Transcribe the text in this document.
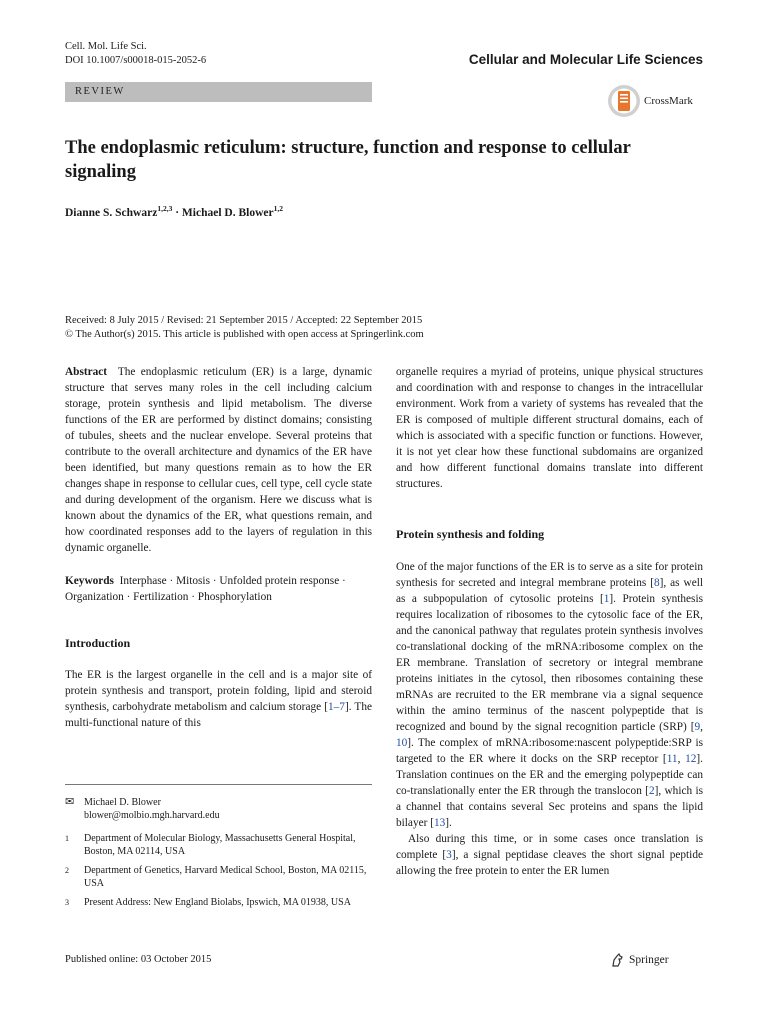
Cell. Mol. Life Sci.
DOI 10.1007/s00018-015-2052-6	Cellular and Molecular Life Sciences
REVIEW
CrossMark
The endoplasmic reticulum: structure, function and response to cellular signaling
Dianne S. Schwarz$^{1,2,3}$ · Michael D. Blower$^{1,2}$
Received: 8 July 2015 / Revised: 21 September 2015 / Accepted: 22 September 2015
© The Author(s) 2015. This article is published with open access at Springerlink.com

Abstract The endoplasmic reticulum (ER) is a large, dynamic structure that serves many roles in the cell including calcium storage, protein synthesis and lipid metabolism. The diverse functions of the ER are performed by distinct domains; consisting of tubules, sheets and the nuclear envelope. Several proteins that contribute to the overall architecture and dynamics of the ER have been identified, but many questions remain as to how the ER changes shape in response to cellular cues, cell type, cell cycle state and during development of the organism. Here we discuss what is known about the dynamics of the ER, what questions remain, and how coordinated responses add to the layers of regulation in this dynamic organelle.

Keywords Interphase · Mitosis · Unfolded protein response · Organization · Fertilization · Phosphorylation

Introduction

The ER is the largest organelle in the cell and is a major site of protein synthesis and transport, protein folding, lipid and steroid synthesis, carbohydrate metabolism and calcium storage [1–7]. The multi-functional nature of this

✉ Michael D. Blower
blower@molbio.mgh.harvard.edu
1	Department of Molecular Biology, Massachusetts General Hospital, Boston, MA 02114, USA
2	Department of Genetics, Harvard Medical School, Boston, MA 02115, USA
3	Present Address: New England Biolabs, Ipswich, MA 01938, USA

organelle requires a myriad of proteins, unique physical structures and coordination with and response to changes in the intracellular environment. Work from a variety of systems has revealed that the ER is composed of multiple different structural domains, each of which is associated with a specific function or functions. However, it is not yet clear how these functional subdomains are organized and how different functional domains translate into different structures.

Protein synthesis and folding

One of the major functions of the ER is to serve as a site for protein synthesis for secreted and integral membrane proteins [8], as well as a subpopulation of cytosolic proteins [1]. Protein synthesis requires localization of ribosomes to the cytosolic face of the ER, and the canonical pathway that regulates protein synthesis involves co-translational docking of the mRNA:ribosome complex on the ER membrane. Translation of secretory or integral membrane proteins initiates in the cytosol, then ribosomes containing these mRNAs are recruited to the ER membrane via a signal sequence within the amino terminus of the nascent polypeptide that is recognized and bound by the signal recognition particle (SRP) [9, 10]. The complex of mRNA:ribosome:nascent polypeptide:SRP is targeted to the ER where it docks on the SRP receptor [11, 12]. Translation continues on the ER and the emerging polypeptide can co-translationally enter the ER through the translocon [2], which is a channel that contains several Sec proteins and spans the lipid bilayer [13].

Also during this time, or in some cases once translation is complete [3], a signal peptidase cleaves the short signal peptide allowing the free protein to enter the ER lumen

Published online: 03 October 2015	Springer
